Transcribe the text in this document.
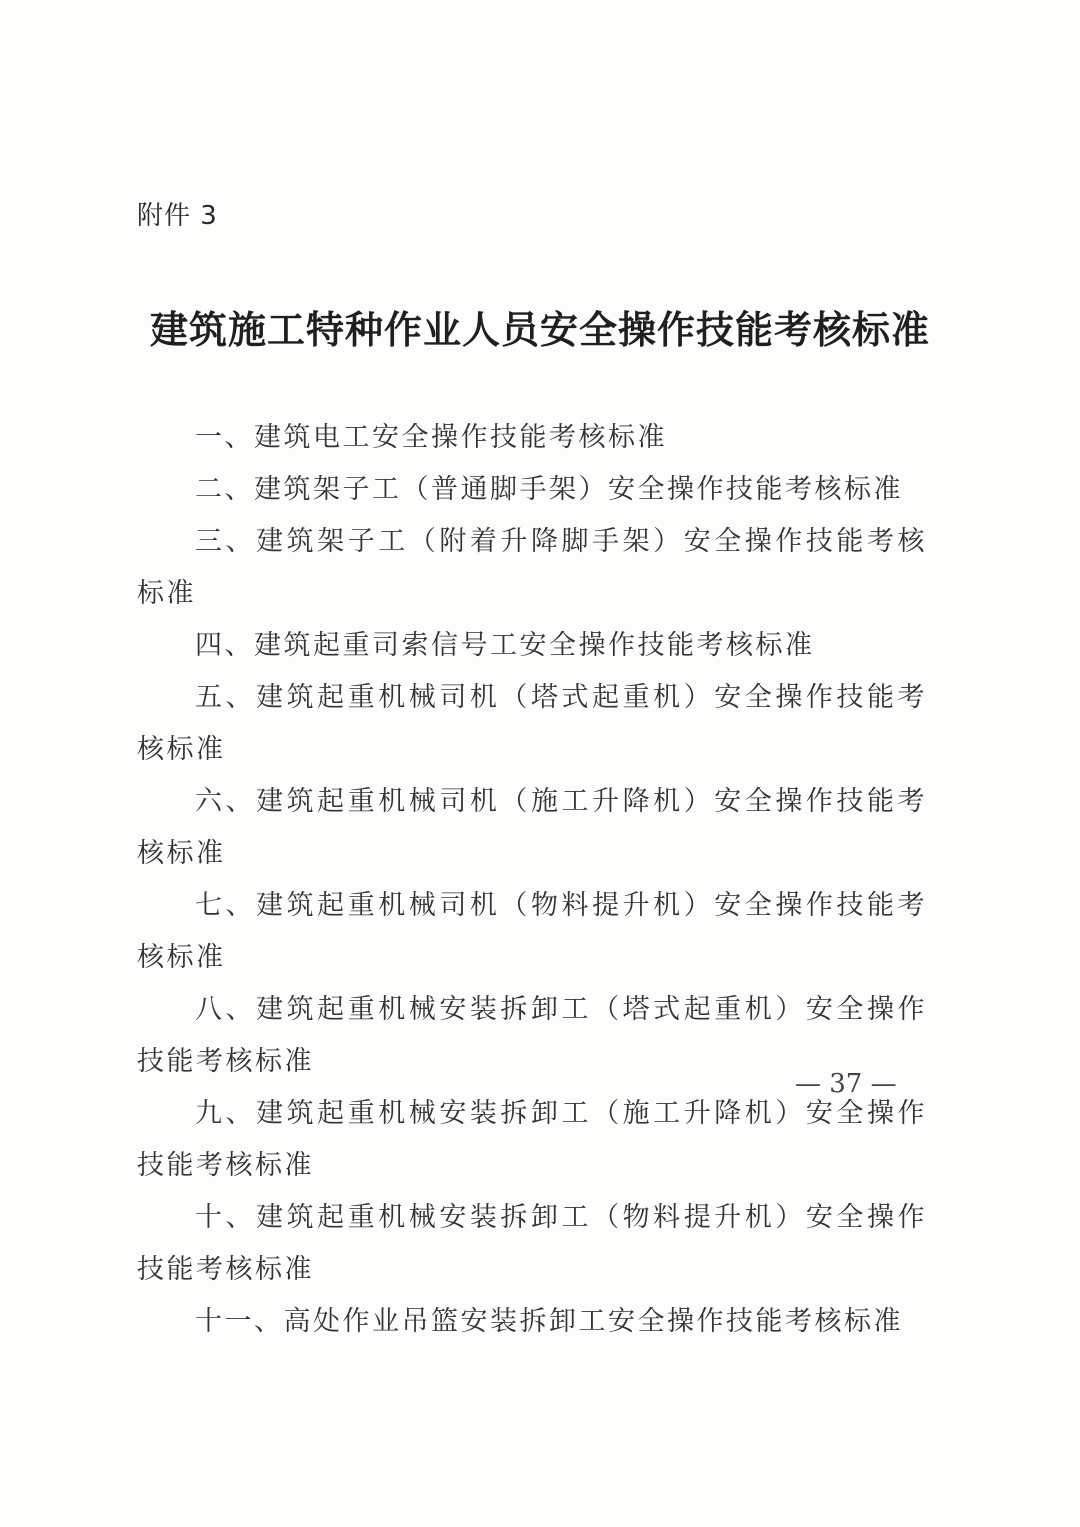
附件 3
建筑施工特种作业人员安全操作技能考核标准
一、建筑电工安全操作技能考核标准
二、建筑架子工（普通脚手架）安全操作技能考核标准
三、建筑架子工（附着升降脚手架）安全操作技能考核标准
四、建筑起重司索信号工安全操作技能考核标准
五、建筑起重机械司机（塔式起重机）安全操作技能考核标准
六、建筑起重机械司机（施工升降机）安全操作技能考核标准
七、建筑起重机械司机（物料提升机）安全操作技能考核标准
八、建筑起重机械安装拆卸工（塔式起重机）安全操作技能考核标准
九、建筑起重机械安装拆卸工（施工升降机）安全操作技能考核标准
十、建筑起重机械安装拆卸工（物料提升机）安全操作技能考核标准
十一、高处作业吊篮安装拆卸工安全操作技能考核标准
— 37 —
